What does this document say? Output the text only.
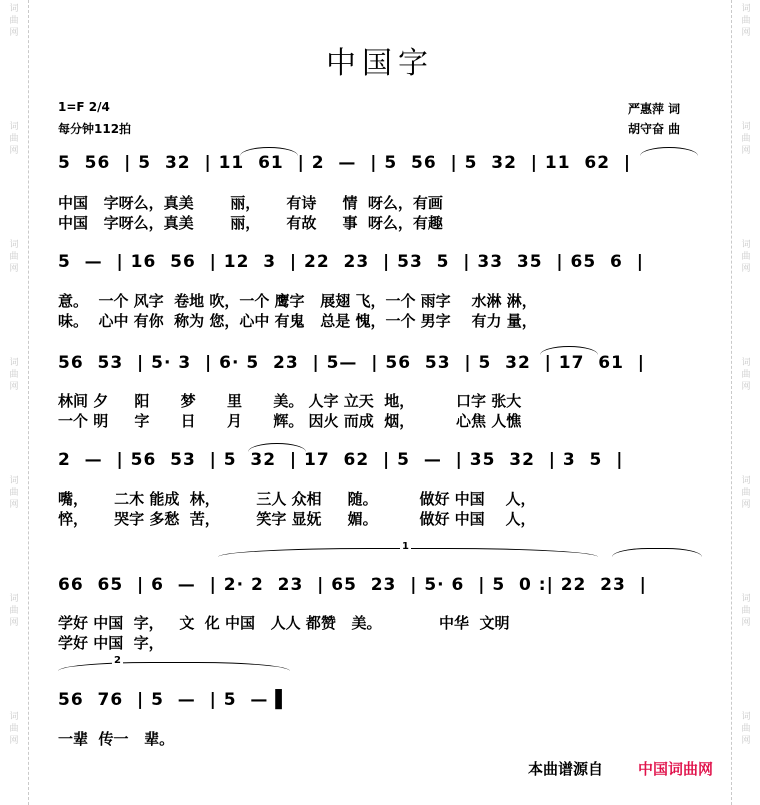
词
曲
网
词
曲
网
词
曲
网
词
曲
网
词
曲
网
词
曲
网
词
曲
网
词
曲
网
词
曲
网
词
曲
网
词
曲
网
词
曲
网
词
曲
网
词
曲
网
中国字
1=F 2/4
每分钟112拍
严惠萍 词
胡守奋 曲
5  56  | 5  32  | 11  61  | 2  —  | 5  56  | 5  32  | 11  62  |
中国   字呀么，真美       丽，     有诗     情  呀么，有画
中国   字呀么，真美       丽，     有故     事  呀么，有趣
5  —  | 16  56  | 12  3  | 22  23  | 53  5  | 33  35  | 65  6  |
意。  一个 风字  卷地 吹，一个 鹰字   展翅 飞，一个 雨字    水淋 淋，
味。  心中 有你  称为 您，心中 有鬼   总是 愧，一个 男字    有力 量，
56  53  | 5· 3  | 6· 5  23  | 5—  | 56  53  | 5  32  | 17  61  |
林间 夕     阳      梦      里      美。 人字 立天  地，        口字 张大
一个 明     字      日      月      辉。 因火 而成  烟，        心焦 人憔
2  —  | 56  53  | 5  32  | 17  62  | 5  —  | 35  32  | 3  5  |
嘴，     二木 能成  林，       三人 众相     随。        做好 中国    人，
悴，     哭字 多愁  苦，       笑字 显妩     媚。        做好 中国    人，
1
66  65  | 6  —  | 2· 2  23  | 65  23  | 5· 6  | 5  0 :| 22  23  |
学好 中国  字，   文  化 中国   人人 都赞   美。           中华  文明
学好 中国  字，
2
56  76  | 5  —  | 5  — ▌
一辈  传一   辈。
本曲谱源自 中国词曲网
